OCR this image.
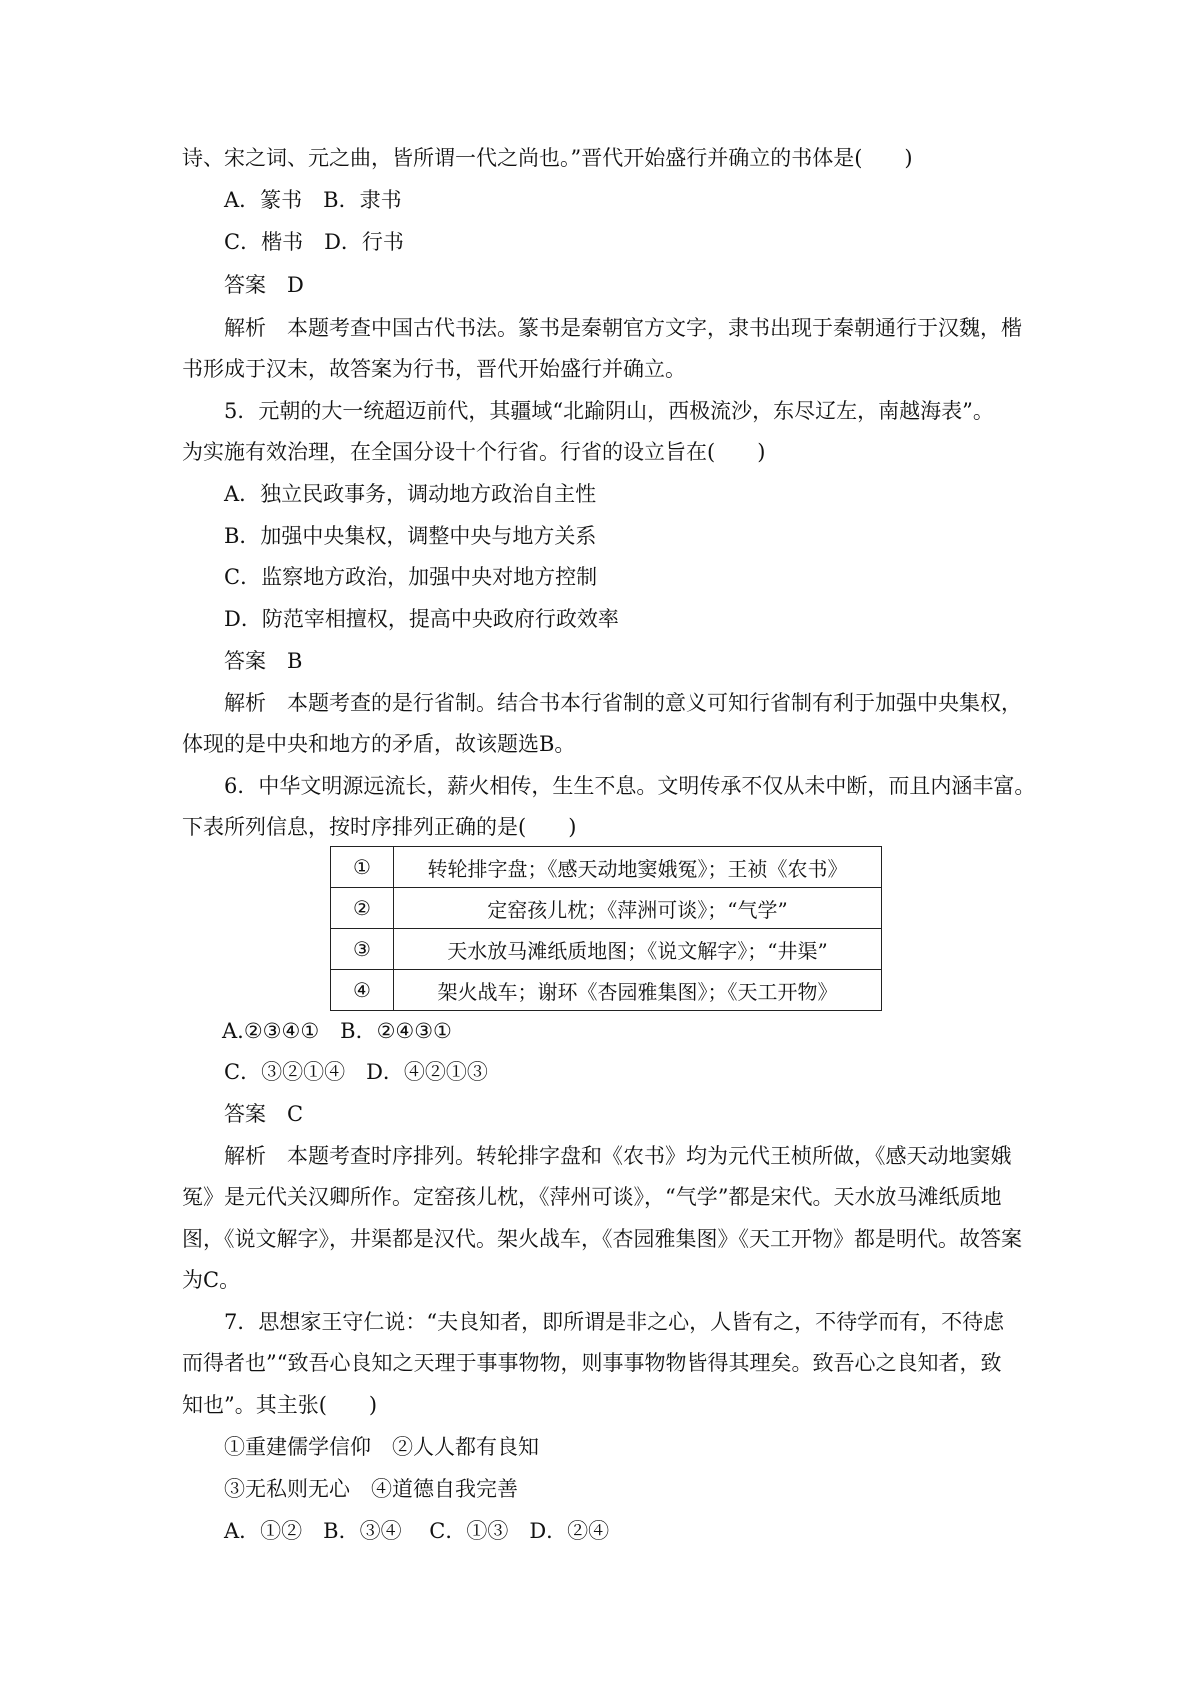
诗、宋之词、元之曲，皆所谓一代之尚也。”晋代开始盛行并确立的书体是(　　)
A．篆书　B．隶书
C．楷书　D．行书
答案　D
解析　本题考查中国古代书法。篆书是秦朝官方文字，隶书出现于秦朝通行于汉魏，楷
书形成于汉末，故答案为行书，晋代开始盛行并确立。
5．元朝的大一统超迈前代，其疆域“北踰阴山，西极流沙，东尽辽左，南越海表”。
为实施有效治理，在全国分设十个行省。行省的设立旨在(　　)
A．独立民政事务，调动地方政治自主性
B．加强中央集权，调整中央与地方关系
C．监察地方政治，加强中央对地方控制
D．防范宰相擅权，提高中央政府行政效率
答案　B
解析　本题考查的是行省制。结合书本行省制的意义可知行省制有利于加强中央集权，
体现的是中央和地方的矛盾，故该题选B。
6．中华文明源远流长，薪火相传，生生不息。文明传承不仅从未中断，而且内涵丰富。
下表所列信息，按时序排列正确的是(　　)
①	转轮排字盘；《感天动地窦娥冤》；王祯《农书》
②	定窑孩儿枕；《萍洲可谈》；“气学”
③	天水放马滩纸质地图；《说文解字》；“井渠”
④	架火战车；谢环《杏园雅集图》；《天工开物》
A.②③④①　B．②④③①
C．③②①④　D．④②①③
答案　C
解析　本题考查时序排列。转轮排字盘和《农书》均为元代王桢所做，《感天动地窦娥
冤》是元代关汉卿所作。定窑孩儿枕，《萍州可谈》，“气学”都是宋代。天水放马滩纸质地
图，《说文解字》，井渠都是汉代。架火战车，《杏园雅集图》《天工开物》都是明代。故答案
为C。
7．思想家王守仁说：“夫良知者，即所谓是非之心，人皆有之，不待学而有，不待虑
而得者也”“致吾心良知之天理于事事物物，则事事物物皆得其理矣。致吾心之良知者，致
知也”。其主张(　　)
①重建儒学信仰　②人人都有良知
③无私则无心　④道德自我完善
A．①②　B．③④　 C．①③　D．②④
